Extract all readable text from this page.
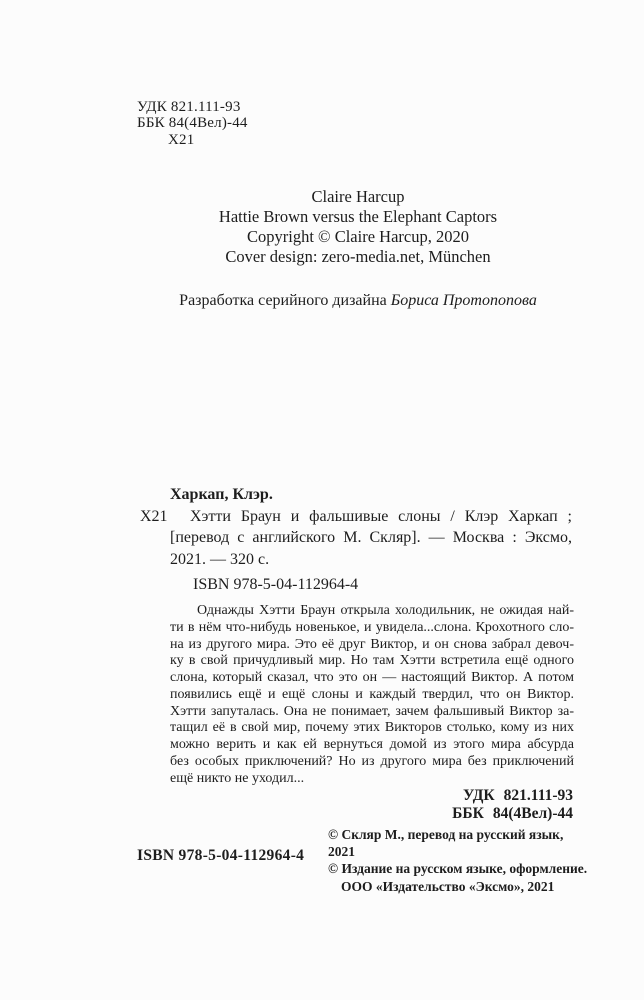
УДК 821.111-93
ББК 84(4Вел)-44
Х21
Claire Harcup
Hattie Brown versus the Elephant Captors
Copyright © Claire Harcup, 2020
Cover design: zero-media.net, München
Разработка серийного дизайна Бориса Протопопова
Харкап, Клэр.
Х21 Хэтти Браун и фальшивые слоны / Клэр Харкап ;
[перевод с английского М. Скляр]. — Москва : Эксмо,
2021. — 320 с.
ISBN 978-5-04-112964-4
Однажды Хэтти Браун открыла холодильник, не ожидая най-
ти в нём что-нибудь новенькое, и увидела...слона. Крохотного сло-
на из другого мира. Это её друг Виктор, и он снова забрал девоч-
ку в свой причудливый мир. Но там Хэтти встретила ещё одного
слона, который сказал, что это он — настоящий Виктор. А потом
появились ещё и ещё слоны и каждый твердил, что он Виктор.
Хэтти запуталась. Она не понимает, зачем фальшивый Виктор за-
тащил её в свой мир, почему этих Викторов столько, кому из них
можно верить и как ей вернуться домой из этого мира абсурда
без особых приключений? Но из другого мира без приключений
ещё никто не уходил...
УДК 821.111-93
ББК 84(4Вел)-44
© Скляр М., перевод на русский язык, 2021
© Издание на русском языке, оформление.
ООО «Издательство «Эксмо», 2021
ISBN 978-5-04-112964-4
